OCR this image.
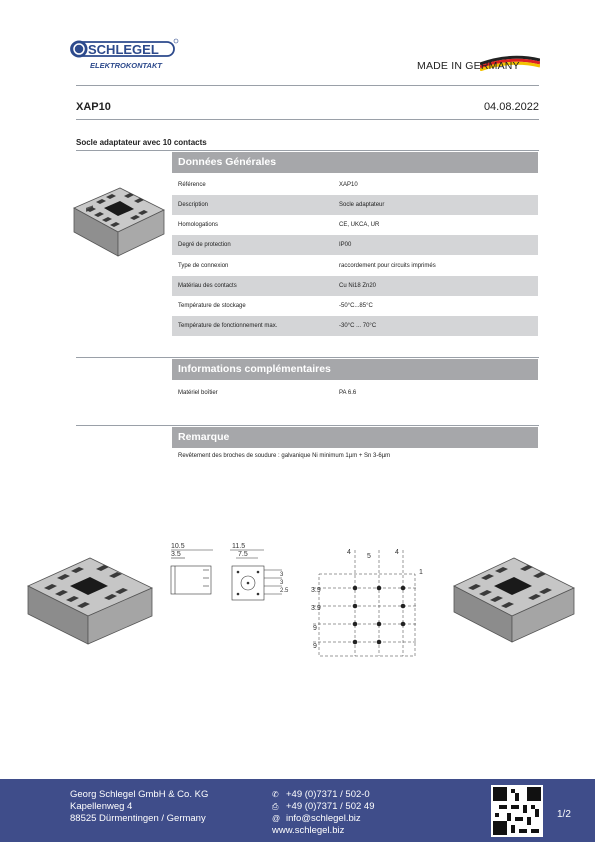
SCHLEGEL
ELEKTROKONTAKT	MADE IN GERMANY
XAP10	04.08.2022
Socle adaptateur avec 10 contacts
Données Générales
Référence	XAP10
Description	Socle adaptateur
Homologations	CE, UKCA, UR
Degré de protection	IP00
Type de connexion	raccordement pour circuits imprimés
Matériau des contacts	Cu Ni18 Zn20
Température de stockage	-50°C...85°C
Température de fonctionnement max.	-30°C ... 70°C
Informations complémentaires
Matériel boîtier	PA 6.6
Remarque
Revêtement des broches de soudure : galvanique Ni minimum 1µm + Sn 3-6µm
10.5
3.5
11.5
7.5
3
3
2.5
4
5
3.9
3.9
9
4
1
9
Georg Schlegel GmbH & Co. KG
Kapellenweg 4
88525 Dürmentingen / Germany
✆ +49 (0)7371 / 502-0
⎙ +49 (0)7371 / 502 49
@ info@schlegel.biz
www.schlegel.biz
1/2
